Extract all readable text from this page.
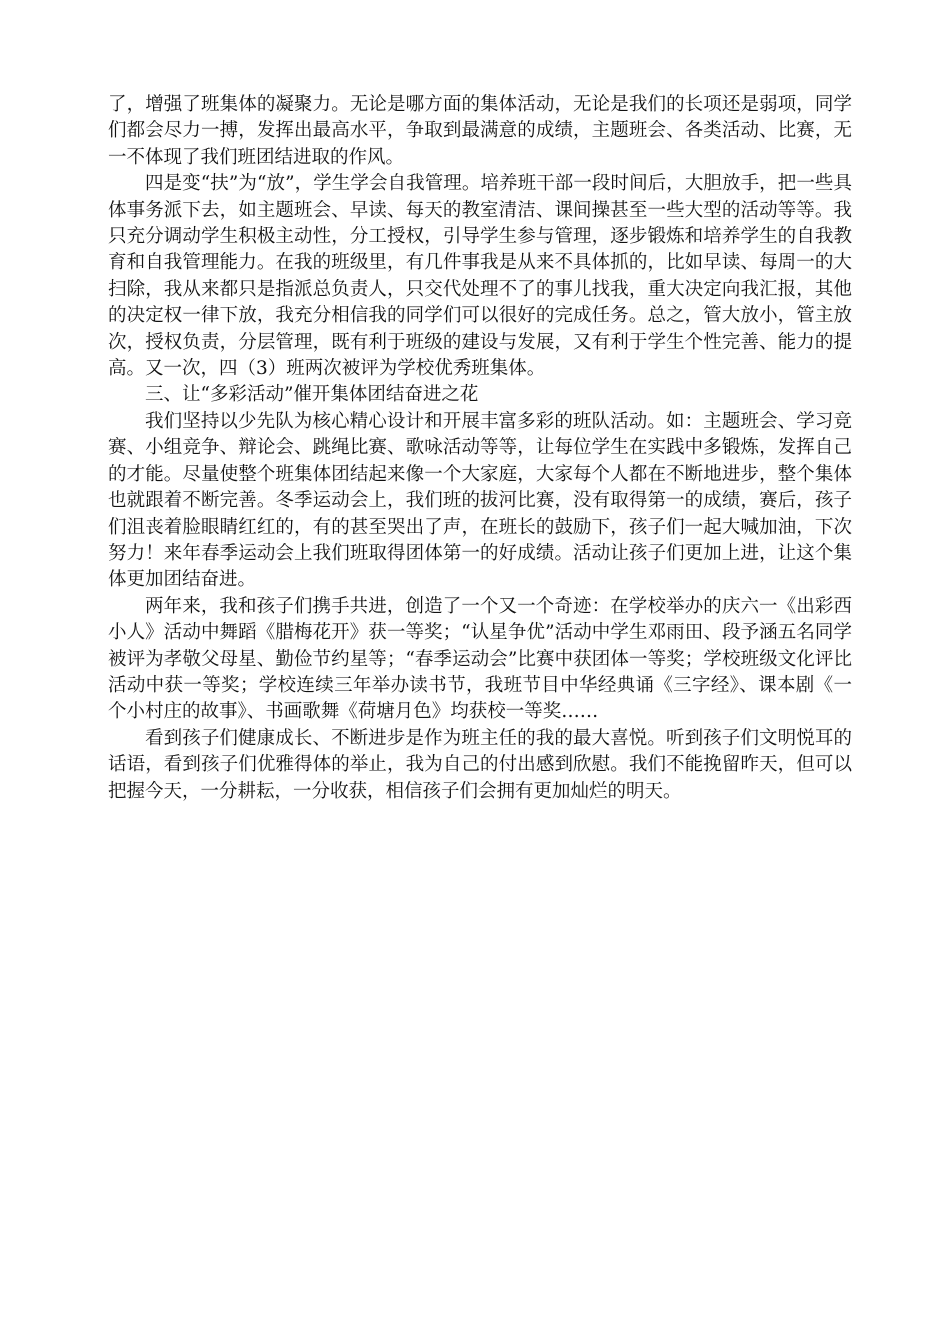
了，增强了班集体的凝聚力。无论是哪方面的集体活动，无论是我们的长项还是弱项，同学们都会尽力一搏，发挥出最高水平，争取到最满意的成绩，主题班会、各类活动、比赛，无一不体现了我们班团结进取的作风。

四是变“扶”为“放”，学生学会自我管理。培养班干部一段时间后，大胆放手，把一些具体事务派下去，如主题班会、早读、每天的教室清洁、课间操甚至一些大型的活动等等。我只充分调动学生积极主动性，分工授权，引导学生参与管理，逐步锻炼和培养学生的自我教育和自我管理能力。在我的班级里，有几件事我是从来不具体抓的，比如早读、每周一的大扫除，我从来都只是指派总负责人，只交代处理不了的事儿找我，重大决定向我汇报，其他的决定权一律下放，我充分相信我的同学们可以很好的完成任务。总之，管大放小，管主放次，授权负责，分层管理，既有利于班级的建设与发展，又有利于学生个性完善、能力的提高。又一次，四（3）班两次被评为学校优秀班集体。

三、让“多彩活动”催开集体团结奋进之花

我们坚持以少先队为核心精心设计和开展丰富多彩的班队活动。如：主题班会、学习竞赛、小组竞争、辩论会、跳绳比赛、歌咏活动等等，让每位学生在实践中多锻炼，发挥自己的才能。尽量使整个班集体团结起来像一个大家庭，大家每个人都在不断地进步，整个集体也就跟着不断完善。冬季运动会上，我们班的拔河比赛，没有取得第一的成绩，赛后，孩子们沮丧着脸眼睛红红的，有的甚至哭出了声，在班长的鼓励下，孩子们一起大喊加油，下次努力！来年春季运动会上我们班取得团体第一的好成绩。活动让孩子们更加上进，让这个集体更加团结奋进。

两年来，我和孩子们携手共进，创造了一个又一个奇迹：在学校举办的庆六一《出彩西小人》活动中舞蹈《腊梅花开》获一等奖；“认星争优”活动中学生邓雨田、段予涵五名同学被评为孝敬父母星、勤俭节约星等；“春季运动会”比赛中获团体一等奖；学校班级文化评比活动中获一等奖；学校连续三年举办读书节，我班节目中华经典诵《三字经》、课本剧《一个小村庄的故事》、书画歌舞《荷塘月色》均获校一等奖……

看到孩子们健康成长、不断进步是作为班主任的我的最大喜悦。听到孩子们文明悦耳的话语，看到孩子们优雅得体的举止，我为自己的付出感到欣慰。我们不能挽留昨天，但可以把握今天，一分耕耘，一分收获，相信孩子们会拥有更加灿烂的明天。
